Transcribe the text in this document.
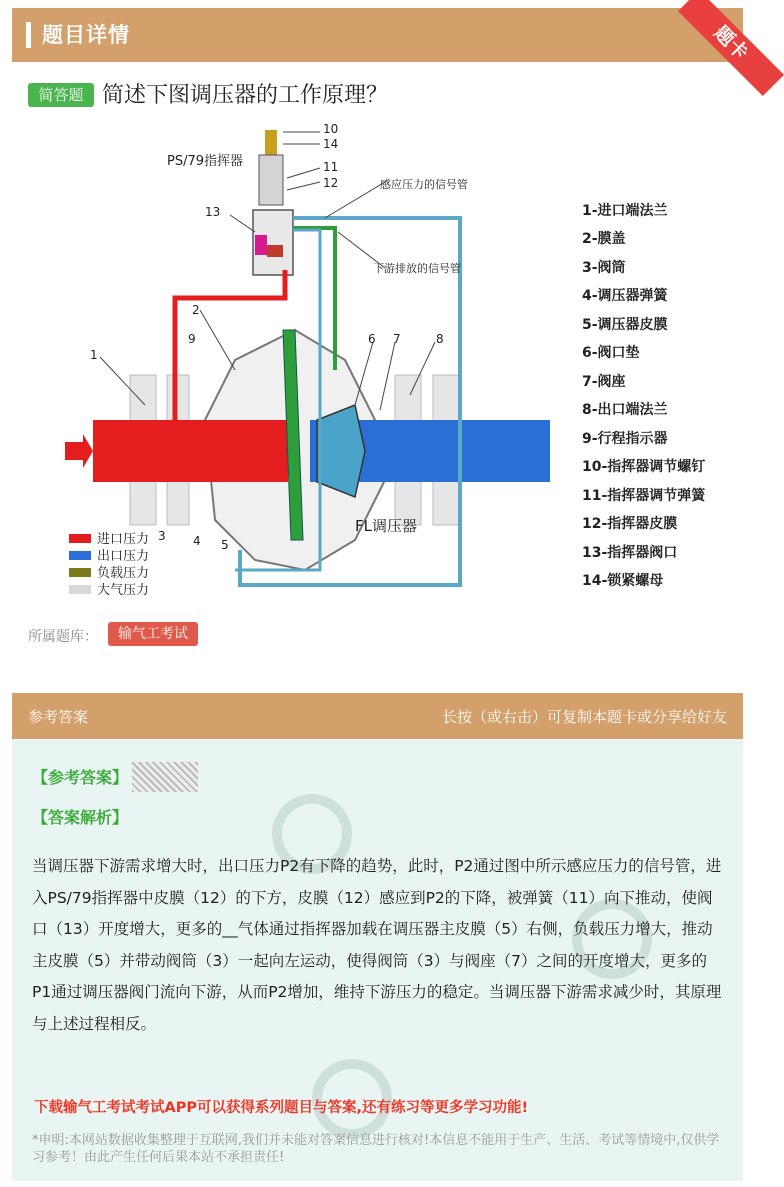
题目详情	题卡
简答题 简述下图调压器的工作原理？
PS/79指挥器
FL调压器
感应压力的信号管
下游排放的信号管
10
14
11
12
13
2
9
1
6 7	8
3 4 5
进口压力
出口压力
负载压力
大气压力
1-进口端法兰
2-膜盖
3-阀筒
4-调压器弹簧
5-调压器皮膜
6-阀口垫
7-阀座
8-出口端法兰
9-行程指示器
10-指挥器调节螺钉
11-指挥器调节弹簧
12-指挥器皮膜
13-指挥器阀口
14-锁紧螺母
所属题库：	输气工考试
参考答案	长按（或右击）可复制本题卡或分享给好友
【参考答案】
【答案解析】
当调压器下游需求增大时，出口压力P2有下降的趋势，此时，P2通过图中所示感应压力的信号管，进入PS/79指挥器中皮膜（12）的下方，皮膜（12）感应到P2的下降，被弹簧（11）向下推动，使阀口（13）开度增大，更多的__气体通过指挥器加载在调压器主皮膜（5）右侧，负载压力增大，推动主皮膜（5）并带动阀筒（3）一起向左运动，使得阀筒（3）与阀座（7）之间的开度增大，更多的P1通过调压器阀门流向下游，从而P2增加，维持下游压力的稳定。当调压器下游需求减少时，其原理与上述过程相反。
下载输气工考试考试APP可以获得系列题目与答案,还有练习等更多学习功能!
*申明:本网站数据收集整理于互联网,我们并未能对答案信息进行核对!本信息不能用于生产、生活、考试等情境中,仅供学习参考！由此产生任何后果本站不承担责任!
